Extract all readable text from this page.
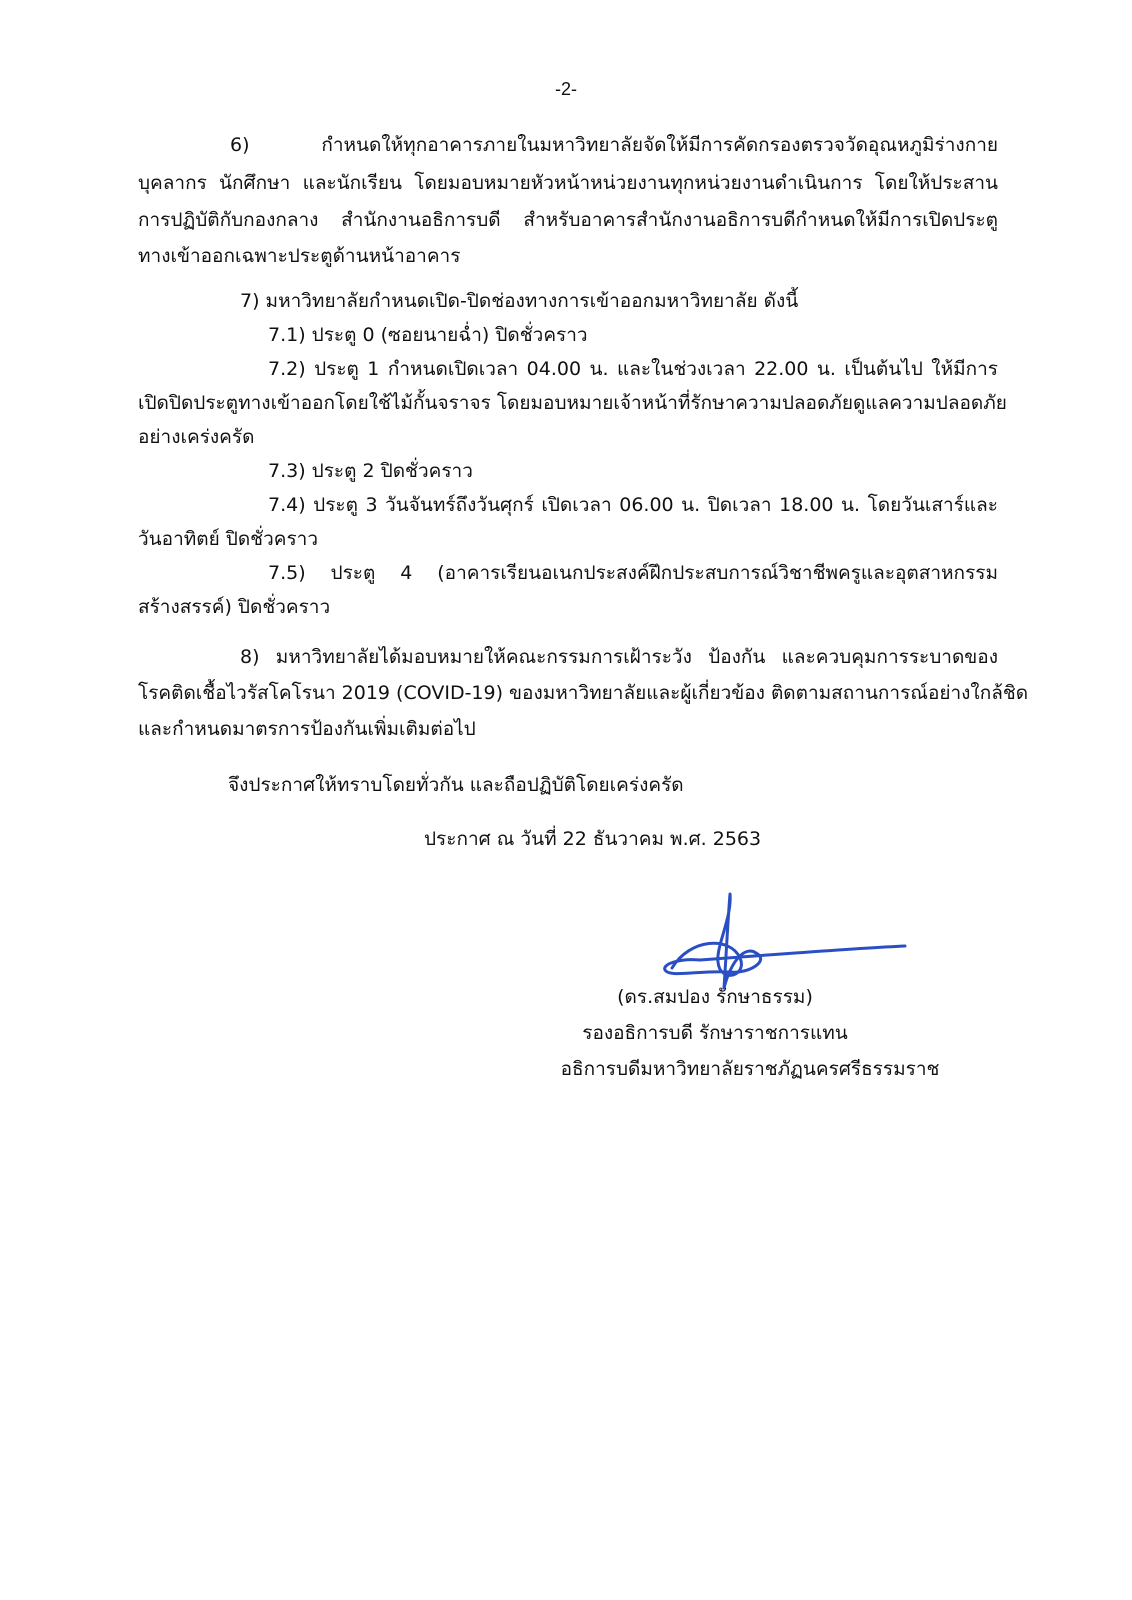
-2-
6) กำหนดให้ทุกอาคารภายในมหาวิทยาลัยจัดให้มีการคัดกรองตรวจวัดอุณหภูมิร่างกาย
บุคลากร นักศึกษา และนักเรียน โดยมอบหมายหัวหน้าหน่วยงานทุกหน่วยงานดำเนินการ โดยให้ประสาน
การปฏิบัติกับกองกลาง สำนักงานอธิการบดี สำหรับอาคารสำนักงานอธิการบดีกำหนดให้มีการเปิดประตู
ทางเข้าออกเฉพาะประตูด้านหน้าอาคาร
7) มหาวิทยาลัยกำหนดเปิด-ปิดช่องทางการเข้าออกมหาวิทยาลัย ดังนี้
7.1) ประตู 0 (ซอยนายฉ่ำ) ปิดชั่วคราว
7.2) ประตู 1 กำหนดเปิดเวลา 04.00 น. และในช่วงเวลา 22.00 น. เป็นต้นไป ให้มีการ
เปิดปิดประตูทางเข้าออกโดยใช้ไม้กั้นจราจร โดยมอบหมายเจ้าหน้าที่รักษาความปลอดภัยดูแลความปลอดภัย
อย่างเคร่งครัด
7.3) ประตู 2 ปิดชั่วคราว
7.4) ประตู 3 วันจันทร์ถึงวันศุกร์ เปิดเวลา 06.00 น. ปิดเวลา 18.00 น. โดยวันเสาร์และ
วันอาทิตย์ ปิดชั่วคราว
7.5) ประตู 4 (อาคารเรียนอเนกประสงค์ฝึกประสบการณ์วิชาชีพครูและอุตสาหกรรม
สร้างสรรค์) ปิดชั่วคราว
8) มหาวิทยาลัยได้มอบหมายให้คณะกรรมการเฝ้าระวัง ป้องกัน และควบคุมการระบาดของ
โรคติดเชื้อไวรัสโคโรนา 2019 (COVID-19) ของมหาวิทยาลัยและผู้เกี่ยวข้อง ติดตามสถานการณ์อย่างใกล้ชิด
และกำหนดมาตรการป้องกันเพิ่มเติมต่อไป
จึงประกาศให้ทราบโดยทั่วกัน และถือปฏิบัติโดยเคร่งครัด
ประกาศ ณ วันที่ 22 ธันวาคม พ.ศ. 2563
(ดร.สมปอง รักษาธรรม)
รองอธิการบดี รักษาราชการแทน
อธิการบดีมหาวิทยาลัยราชภัฏนครศรีธรรมราช
